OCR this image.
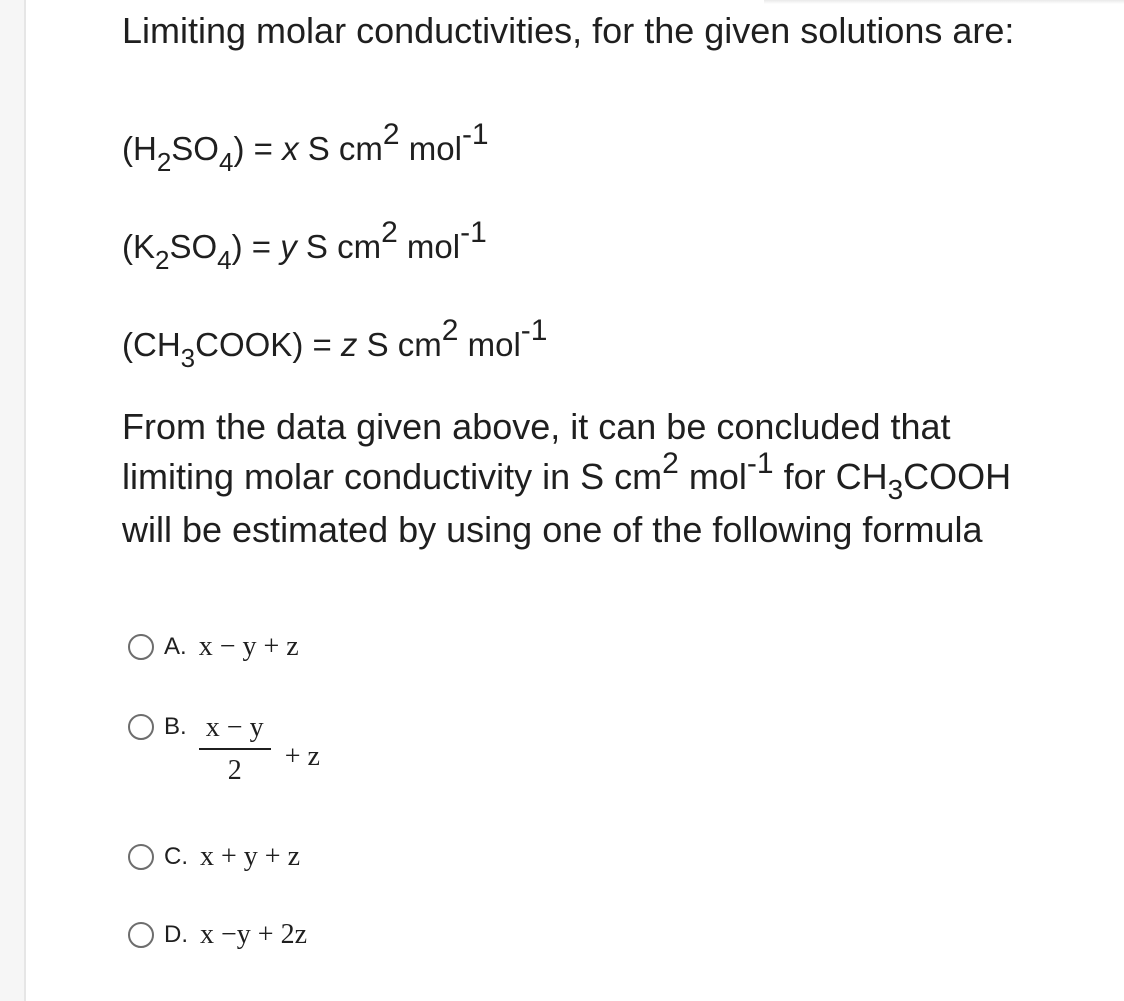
Limiting molar conductivities, for the given solutions are:
$(H_2SO_4) = x$ S cm2 mol-1
$(K_2SO_4) = y$ S cm2 mol-1
$(CH_3COOK) = z$ S cm2 mol-1
From the data given above, it can be concluded that limiting molar conductivity in S $cm^2$ mol$^{-1}$ for $CH_3COOH$ will be estimated by using one of the following formula
A. x − y + z
B. $\frac{x - y}{2} + z$
C. x + y + z
D. x −y + 2z
